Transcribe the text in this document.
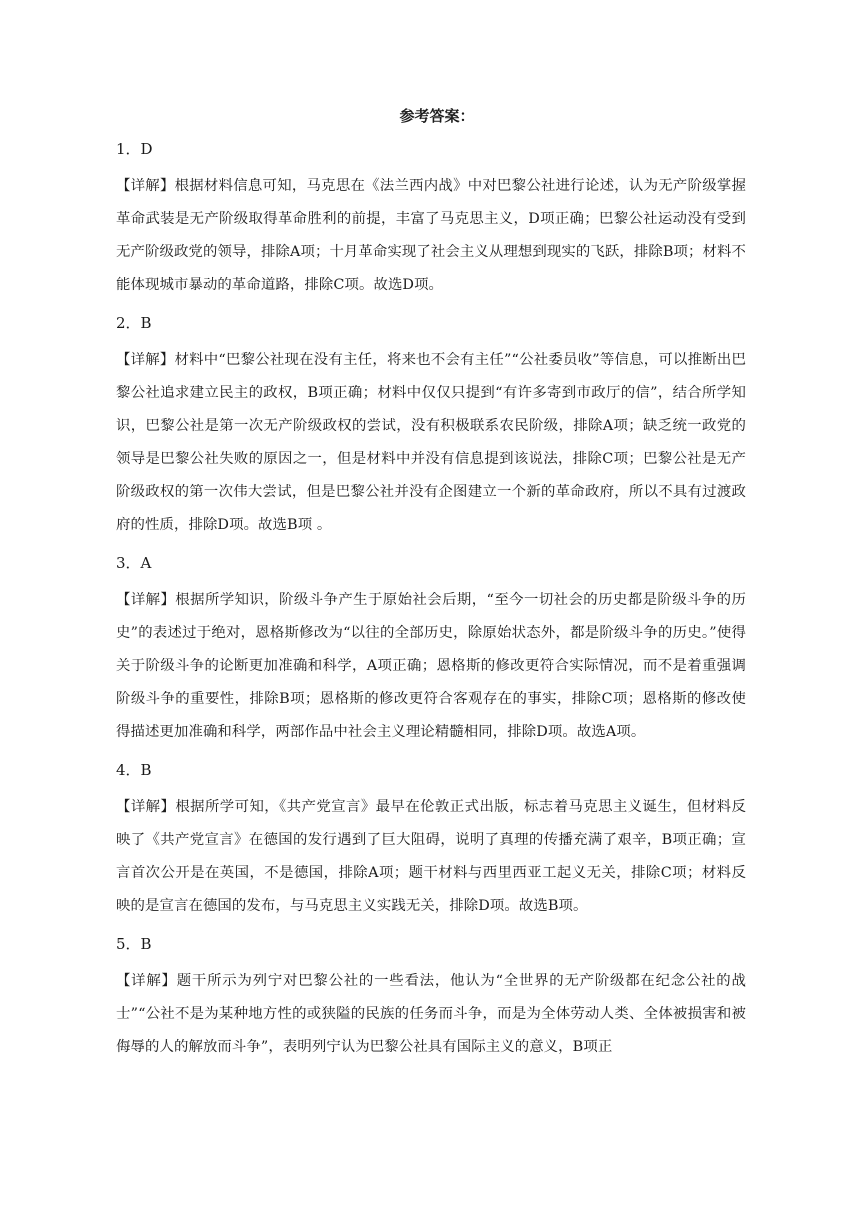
参考答案：
1．D
【详解】根据材料信息可知，马克思在《法兰西内战》中对巴黎公社进行论述，认为无产阶级掌握革命武装是无产阶级取得革命胜利的前提，丰富了马克思主义，D项正确；巴黎公社运动没有受到无产阶级政党的领导，排除A项；十月革命实现了社会主义从理想到现实的飞跃，排除B项；材料不能体现城市暴动的革命道路，排除C项。故选D项。
2．B
【详解】材料中“巴黎公社现在没有主任，将来也不会有主任”“公社委员收”等信息，可以推断出巴黎公社追求建立民主的政权，B项正确；材料中仅仅只提到“有许多寄到市政厅的信”，结合所学知识，巴黎公社是第一次无产阶级政权的尝试，没有积极联系农民阶级，排除A项；缺乏统一政党的领导是巴黎公社失败的原因之一，但是材料中并没有信息提到该说法，排除C项；巴黎公社是无产阶级政权的第一次伟大尝试，但是巴黎公社并没有企图建立一个新的革命政府，所以不具有过渡政府的性质，排除D项。故选B项 。
3．A
【详解】根据所学知识，阶级斗争产生于原始社会后期，“至今一切社会的历史都是阶级斗争的历史”的表述过于绝对，恩格斯修改为“以往的全部历史，除原始状态外，都是阶级斗争的历史。”使得关于阶级斗争的论断更加准确和科学，A项正确；恩格斯的修改更符合实际情况，而不是着重强调阶级斗争的重要性，排除B项；恩格斯的修改更符合客观存在的事实，排除C项；恩格斯的修改使得描述更加准确和科学，两部作品中社会主义理论精髓相同，排除D项。故选A项。
4．B
【详解】根据所学可知，《共产党宣言》最早在伦敦正式出版，标志着马克思主义诞生，但材料反映了《共产党宣言》在德国的发行遇到了巨大阻碍，说明了真理的传播充满了艰辛，B项正确；宣言首次公开是在英国，不是德国，排除A项；题干材料与西里西亚工起义无关，排除C项；材料反映的是宣言在德国的发布，与马克思主义实践无关，排除D项。故选B项。
5．B
【详解】题干所示为列宁对巴黎公社的一些看法，他认为“全世界的无产阶级都在纪念公社的战士”“公社不是为某种地方性的或狭隘的民族的任务而斗争，而是为全体劳动人类、全体被损害和被侮辱的人的解放而斗争”，表明列宁认为巴黎公社具有国际主义的意义，B项正
